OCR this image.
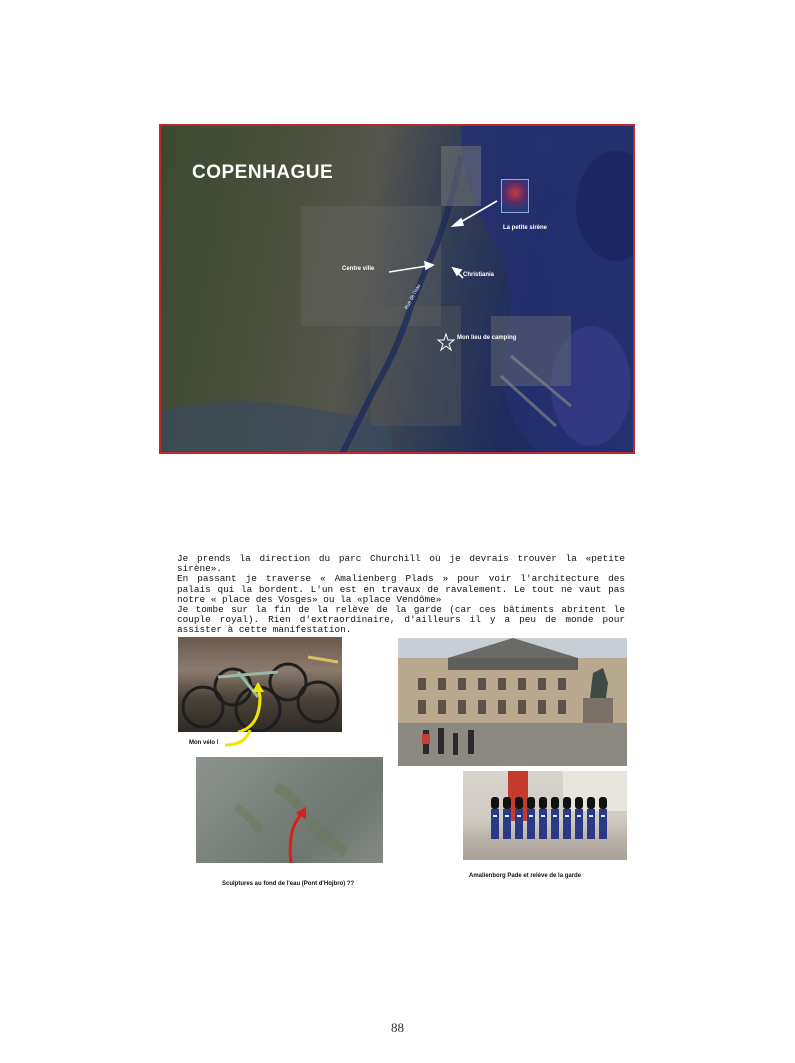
COPENHAGUE
La petite sirène
Centre ville
Christiania
Mon lieu de camping
Rue de l'eau

Je prends la direction du parc Churchill où je devrais trouver la «petite sirène».

En passant je traverse « Amalienberg Plads » pour voir l'architecture des palais qui la bordent. L'un est en travaux de ravalement. Le tout ne vaut pas notre « place des Vosges» ou la «place Vendôme»

Je tombe sur la fin de la relève de la garde (car ces bâtiments abritent le couple royal). Rien d'extraordinaire, d'ailleurs il y a peu de monde pour assister à cette manifestation.

Mon vélo !
Sculptures au fond de l'eau (Pont d'Hojbro) ??
Amalienborg Pade et relève de la garde
88
